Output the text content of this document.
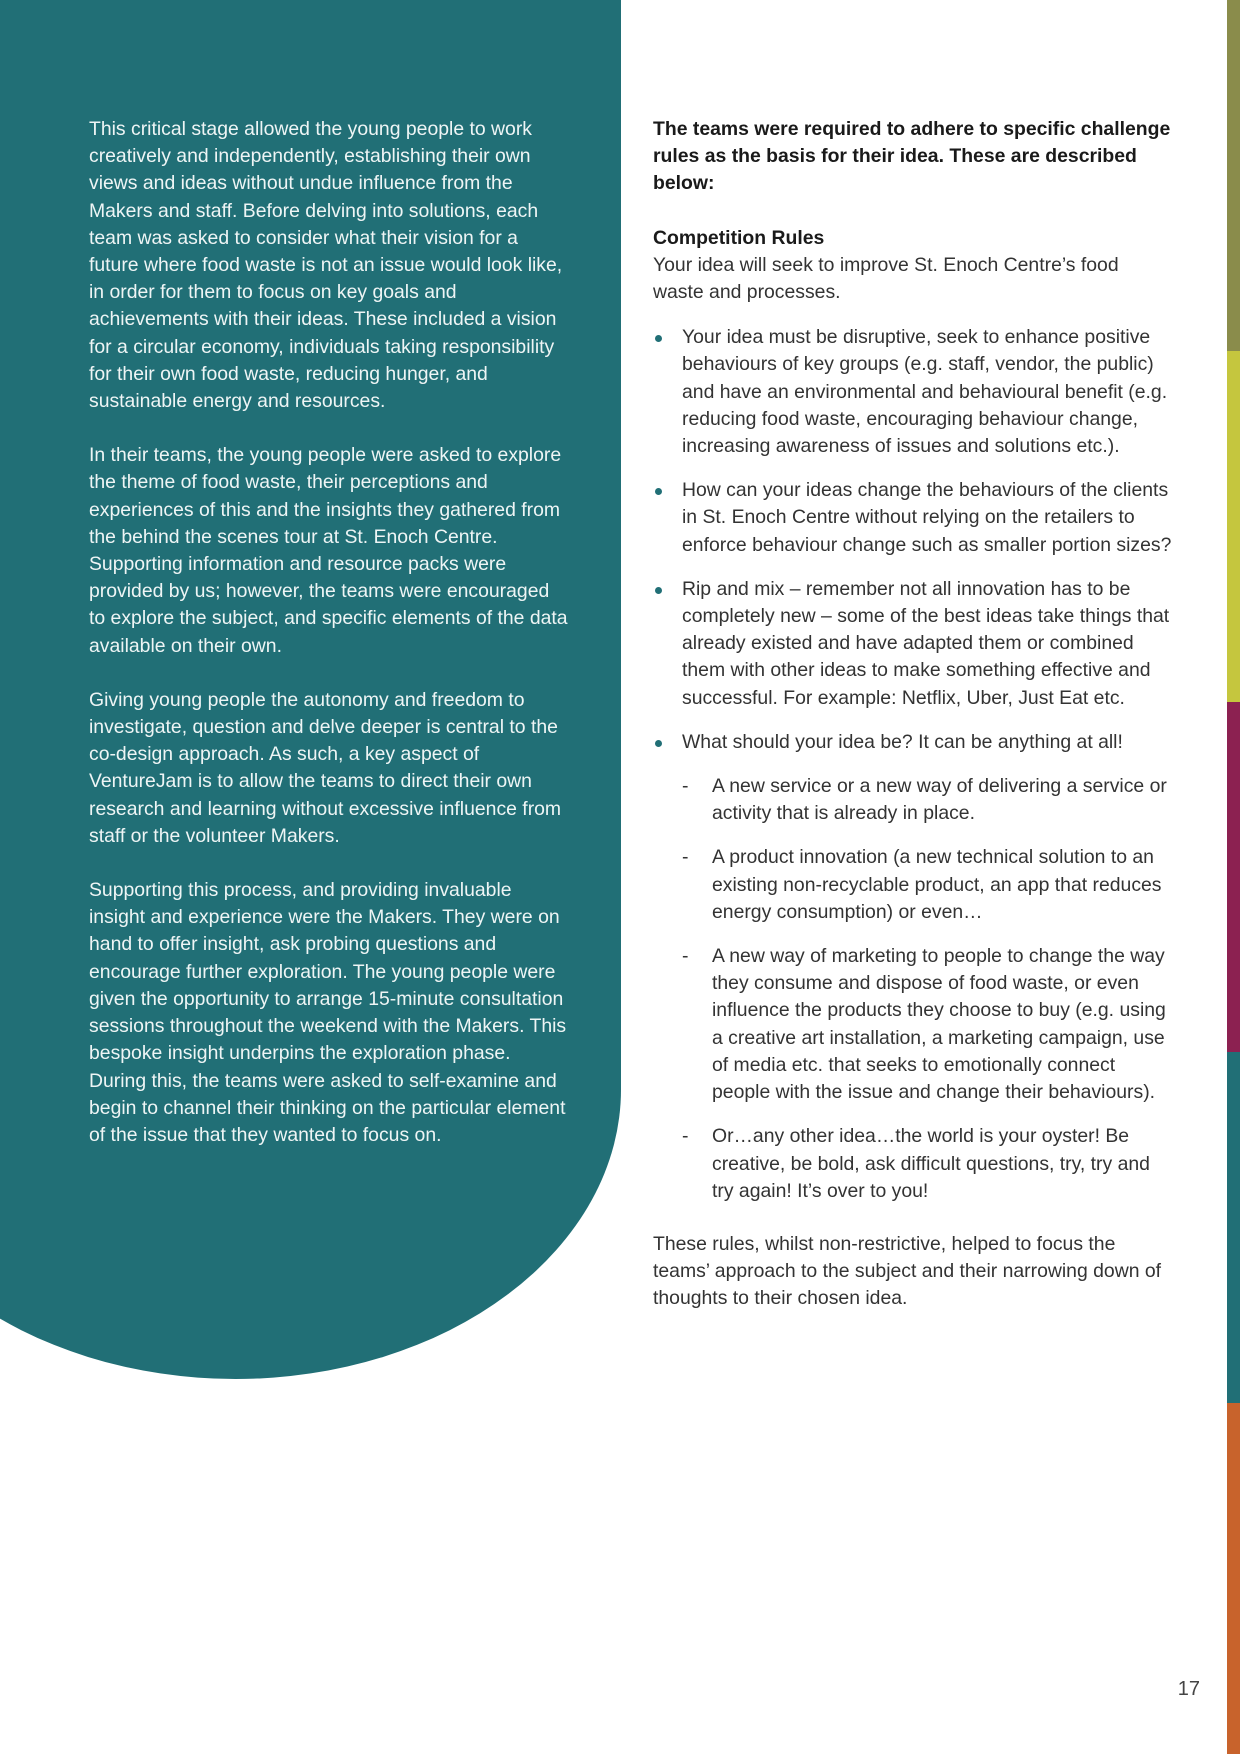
This critical stage allowed the young people to work creatively and independently, establishing their own views and ideas without undue influence from the Makers and staff. Before delving into solutions, each team was asked to consider what their vision for a future where food waste is not an issue would look like, in order for them to focus on key goals and achievements with their ideas. These included a vision for a circular economy, individuals taking responsibility for their own food waste, reducing hunger, and sustainable energy and resources.

In their teams, the young people were asked to explore the theme of food waste, their perceptions and experiences of this and the insights they gathered from the behind the scenes tour at St. Enoch Centre. Supporting information and resource packs were provided by us; however, the teams were encouraged to explore the subject, and specific elements of the data available on their own.

Giving young people the autonomy and freedom to investigate, question and delve deeper is central to the co-design approach. As such, a key aspect of VentureJam is to allow the teams to direct their own research and learning without excessive influence from staff or the volunteer Makers.

Supporting this process, and providing invaluable insight and experience were the Makers. They were on hand to offer insight, ask probing questions and encourage further exploration. The young people were given the opportunity to arrange 15-minute consultation sessions throughout the weekend with the Makers. This bespoke insight underpins the exploration phase. During this, the teams were asked to self-examine and begin to channel their thinking on the particular element of the issue that they wanted to focus on.

The teams were required to adhere to specific challenge rules as the basis for their idea. These are described below:

Competition Rules

Your idea will seek to improve St. Enoch Centre’s food waste and processes.

Your idea must be disruptive, seek to enhance positive behaviours of key groups (e.g. staff, vendor, the public) and have an environmental and behavioural benefit (e.g. reducing food waste, encouraging behaviour change, increasing awareness of issues and solutions etc.).
How can your ideas change the behaviours of the clients in St. Enoch Centre without relying on the retailers to enforce behaviour change such as smaller portion sizes?
Rip and mix – remember not all innovation has to be completely new – some of the best ideas take things that already existed and have adapted them or combined them with other ideas to make something effective and successful. For example: Netflix, Uber, Just Eat etc.
What should your idea be? It can be anything at all!
- A new service or a new way of delivering a service or activity that is already in place.
- A product innovation (a new technical solution to an existing non-recyclable product, an app that reduces energy consumption) or even…
- A new way of marketing to people to change the way they consume and dispose of food waste, or even influence the products they choose to buy (e.g. using a creative art installation, a marketing campaign, use of media etc. that seeks to emotionally connect people with the issue and change their behaviours).
- Or…any other idea…the world is your oyster! Be creative, be bold, ask difficult questions, try, try and try again! It’s over to you!

These rules, whilst non-restrictive, helped to focus the teams’ approach to the subject and their narrowing down of thoughts to their chosen idea.

17
